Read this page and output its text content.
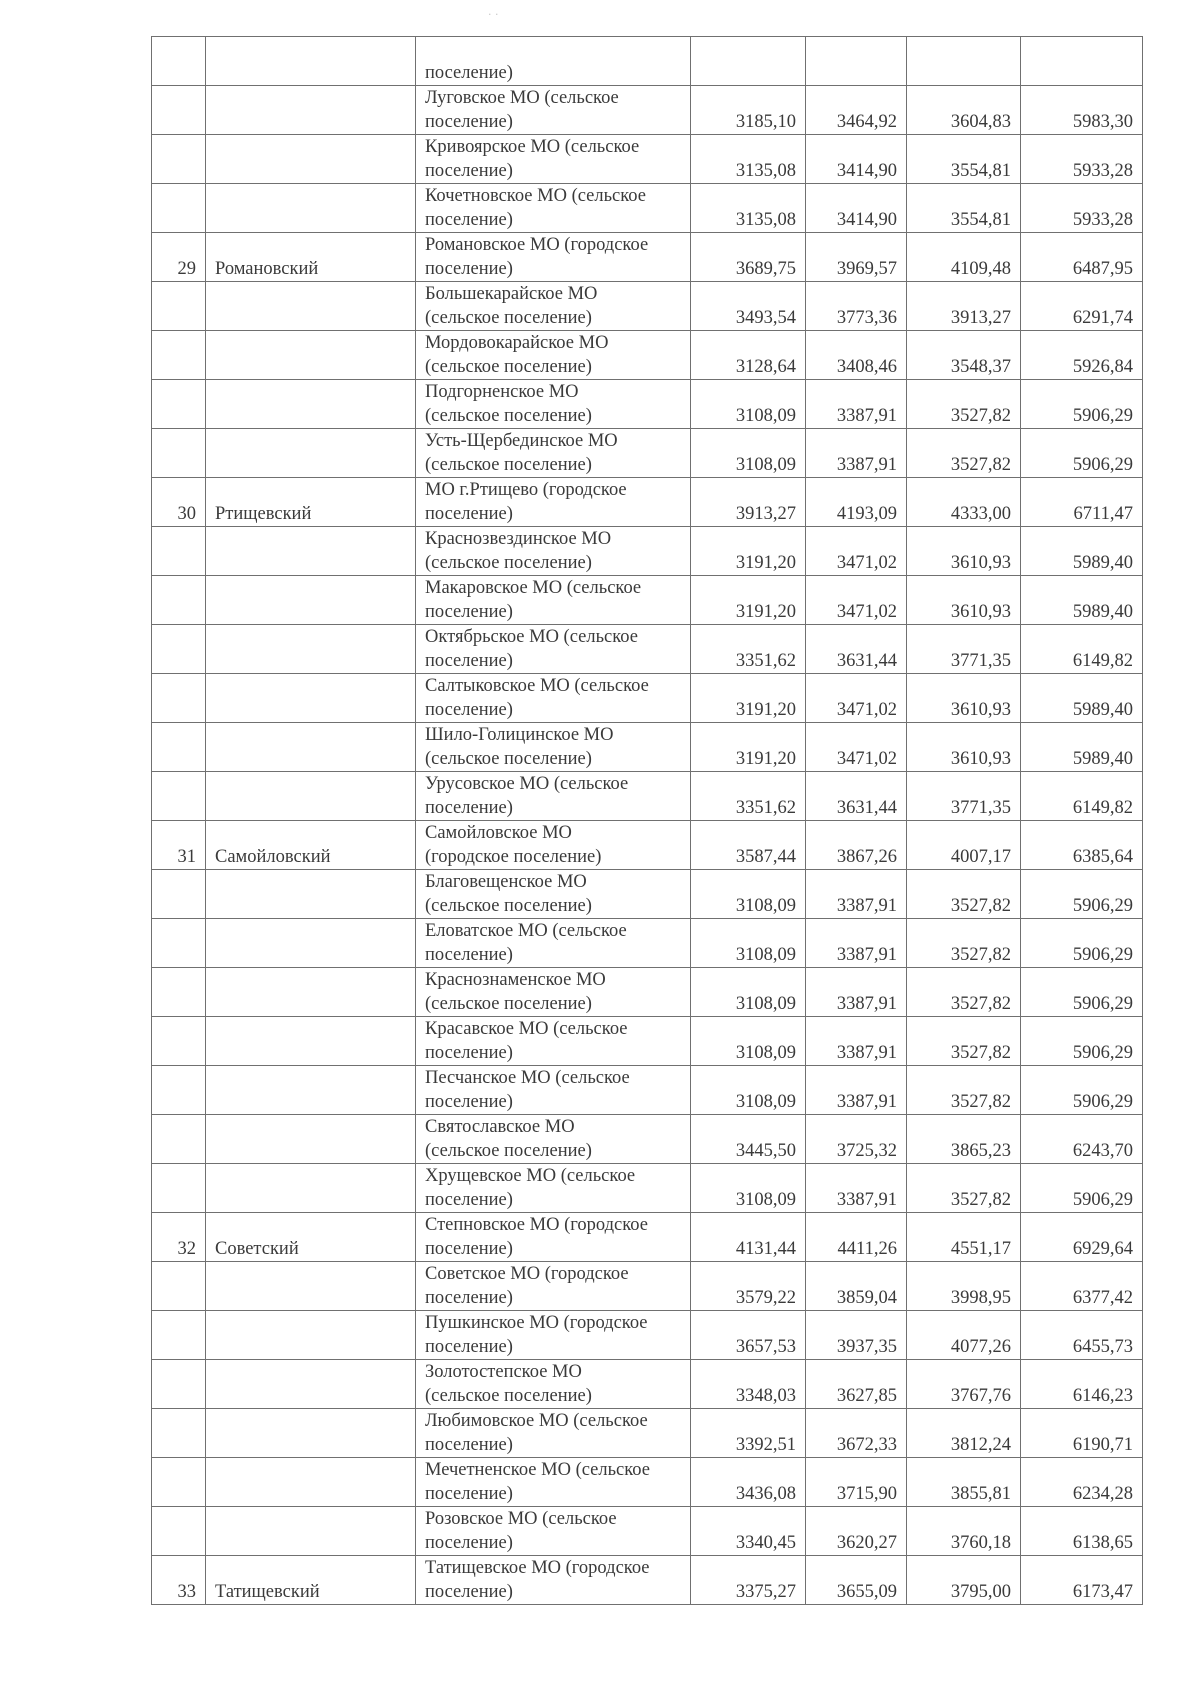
· ·

		поселение)				

		Луговское МО (сельское
поселение)	3185,10	3464,92	3604,83	5983,30

		Кривоярское МО (сельское
поселение)	3135,08	3414,90	3554,81	5933,28

		Кочетновское МО (сельское
поселение)	3135,08	3414,90	3554,81	5933,28
29	Романовский	Романовское МО (городское
поселение)	3689,75	3969,57	4109,48	6487,95

		Большекарайское МО
(сельское поселение)	3493,54	3773,36	3913,27	6291,74

		Мордовокарайское МО
(сельское поселение)	3128,64	3408,46	3548,37	5926,84

		Подгорненское МО
(сельское поселение)	3108,09	3387,91	3527,82	5906,29

		Усть-Щербединское МО
(сельское поселение)	3108,09	3387,91	3527,82	5906,29
30	Ртищевский	МО г.Ртищево (городское
поселение)	3913,27	4193,09	4333,00	6711,47

		Краснозвездинское МО
(сельское поселение)	3191,20	3471,02	3610,93	5989,40

		Макаровское МО (сельское
поселение)	3191,20	3471,02	3610,93	5989,40

		Октябрьское МО (сельское
поселение)	3351,62	3631,44	3771,35	6149,82

		Салтыковское МО (сельское
поселение)	3191,20	3471,02	3610,93	5989,40

		Шило-Голицинское МО
(сельское поселение)	3191,20	3471,02	3610,93	5989,40

		Урусовское МО (сельское
поселение)	3351,62	3631,44	3771,35	6149,82
31	Самойловский	Самойловское МО
(городское поселение)	3587,44	3867,26	4007,17	6385,64

		Благовещенское МО
(сельское поселение)	3108,09	3387,91	3527,82	5906,29

		Еловатское МО (сельское
поселение)	3108,09	3387,91	3527,82	5906,29

		Краснознаменское МО
(сельское поселение)	3108,09	3387,91	3527,82	5906,29

		Красавское МО (сельское
поселение)	3108,09	3387,91	3527,82	5906,29

		Песчанское МО (сельское
поселение)	3108,09	3387,91	3527,82	5906,29

		Святославское МО
(сельское поселение)	3445,50	3725,32	3865,23	6243,70

		Хрущевское МО (сельское
поселение)	3108,09	3387,91	3527,82	5906,29
32	Советский	Степновское МО (городское
поселение)	4131,44	4411,26	4551,17	6929,64

		Советское МО (городское
поселение)	3579,22	3859,04	3998,95	6377,42

		Пушкинское МО (городское
поселение)	3657,53	3937,35	4077,26	6455,73

		Золотостепское МО
(сельское поселение)	3348,03	3627,85	3767,76	6146,23

		Любимовское МО (сельское
поселение)	3392,51	3672,33	3812,24	6190,71

		Мечетненское МО (сельское
поселение)	3436,08	3715,90	3855,81	6234,28

		Розовское МО (сельское
поселение)	3340,45	3620,27	3760,18	6138,65
33	Татищевский	Татищевское МО (городское
поселение)	3375,27	3655,09	3795,00	6173,47
